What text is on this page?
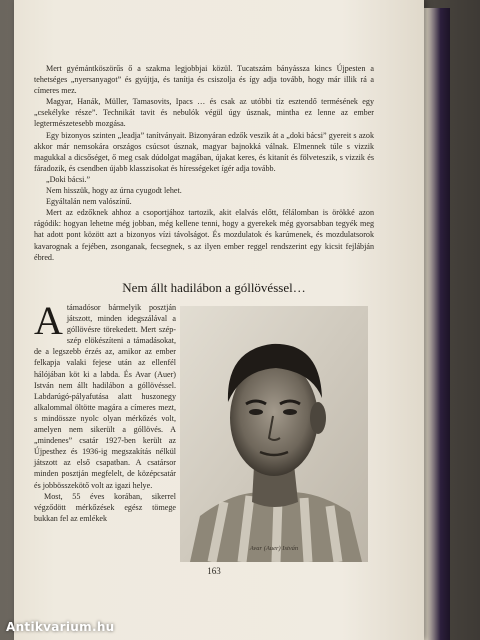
Mert gyémántköszörűs ő a szakma legjobbjai közül. Tucatszám bányássza kincs Újpesten a tehetséges „nyersanyagot” és gyújtja, és tanítja és csiszolja és így adja tovább, hogy már illik rá a címeres mez.

Magyar, Hanák, Müller, Tamasovits, Ipacs … és csak az utóbbi tíz esztendő termésének egy „csekélyke része”. Technikát tavit és nebulók végül úgy úsznak, mintha ez lenne az ember legtermészetesebb mozgása.

Egy bizonyos szinten „leadja” tanítványait. Bizonyáran edzők veszik át a „doki bácsi” gyereit s azok akkor már nemsokára országos csúcsot úsznak, magyar bajnokká válnak. Elmennek túle s vizzik magukkal a dicsőséget, ő meg csak dúdolgat magában, újakat keres, és kitanít és fölveteszik, s vizzik és fáradozik, és csendben újabb klasszisokat és hírességeket ígér adja tovább.

„Doki bácsi.”

Nem hisszük, hogy az úrna cyugodt lehet.

Egyáltalán nem valószínű.

Mert az edzőknek ahhoz a csoportjához tartozik, akit elalvás előtt, félálomban is örökké azon rágódik: hogyan lehetne még jobban, még kellene tenni, hogy a gyerekek még gyorsabban tegyék meg hat adott pont között azt a bizonyos vízi távolságot. És mozdulatok és karúmenek, és mozdulatsorok kavarognak a fejében, zsonganak, fecsegnek, s az ilyen ember reggel rendszerint egy kicsit fejlábján ébred.

Nem állt hadilábon a góllövéssel…
A támadósor bármelyik posztján játszott, minden idegszálával a góllövésre törekedett. Mert szép-szép elökészíteni a támadásokat, de a legszebb érzés az, amikor az ember felkapja valaki fejese után az ellenfél hálójában köt ki a labda. És Avar (Auer) István nem állt hadilábon a góllövéssel. Labdarúgó-pályafutása alatt huszonegy alkalommal öltötte magára a címeres mezt, s mindössze nyolc olyan mérkőzés volt, amelyen nem sikerült a góllövés. A „mindenes” csatár 1927-ben került az Újpesthez és 1936-ig megszakítás nélkül játszott az első csapatban. A csatársor minden posztján megfelelt, de középcsatár és jobbösszekötő volt az igazi helye.

Most, 55 éves korában, sikerrel végződött mérkőzések egész tömege bukkan fel az emlékek

Avar (Auer) István
163
Antikvarium.hu
